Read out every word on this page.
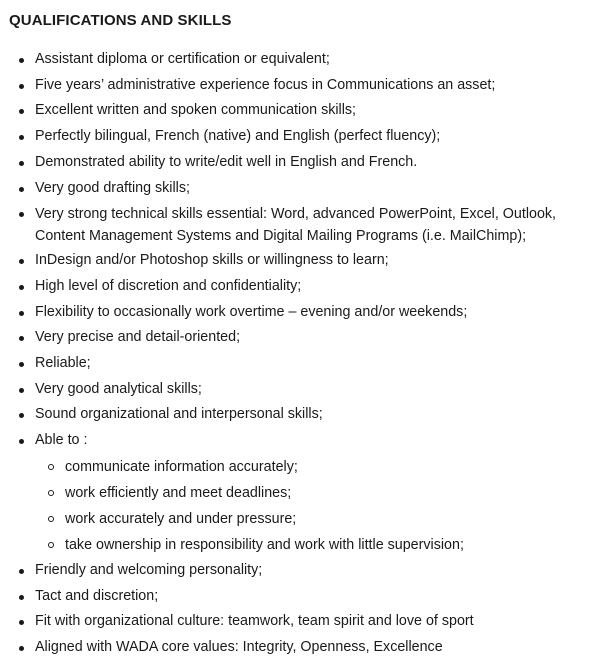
QUALIFICATIONS AND SKILLS
Assistant diploma or certification or equivalent;
Five years’ administrative experience focus in Communications an asset;
Excellent written and spoken communication skills;
Perfectly bilingual, French (native) and English (perfect fluency);
Demonstrated ability to write/edit well in English and French.
Very good drafting skills;
Very strong technical skills essential: Word, advanced PowerPoint, Excel, Outlook, Content Management Systems and Digital Mailing Programs (i.e. MailChimp);
InDesign and/or Photoshop skills or willingness to learn;
High level of discretion and confidentiality;
Flexibility to occasionally work overtime – evening and/or weekends;
Very precise and detail-oriented;
Reliable;
Very good analytical skills;
Sound organizational and interpersonal skills;
Able to :
communicate information accurately;
work efficiently and meet deadlines;
work accurately and under pressure;
take ownership in responsibility and work with little supervision;
Friendly and welcoming personality;
Tact and discretion;
Fit with organizational culture: teamwork, team spirit and love of sport
Aligned with WADA core values: Integrity, Openness, Excellence
